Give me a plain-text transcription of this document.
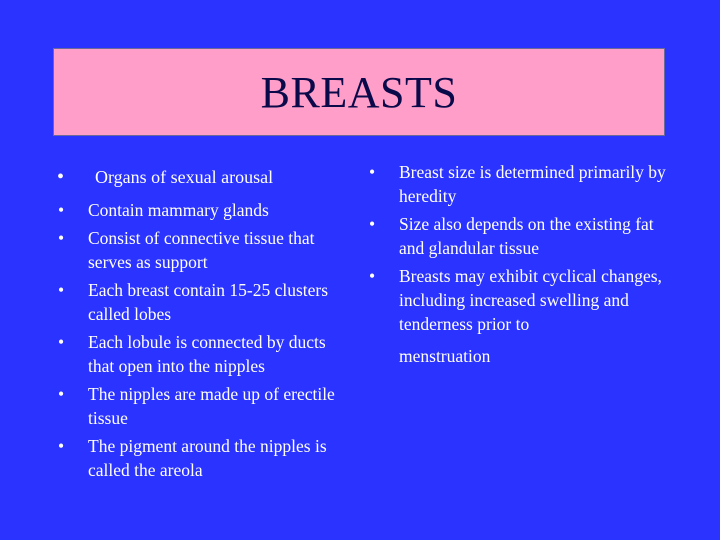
BREASTS
• Organs of sexual arousal
• Contain mammary glands
• Consist of connective tissue that serves as support
• Each breast contain 15-25 clusters called lobes
• Each lobule is connected by ducts that open into the nipples
• The nipples are made up of erectile tissue
• The pigment around the nipples is called the areola
• Breast size is determined primarily by heredity
• Size also depends on the existing fat and glandular tissue
• Breasts may exhibit cyclical changes, including increased swelling and tenderness prior to
menstruation
